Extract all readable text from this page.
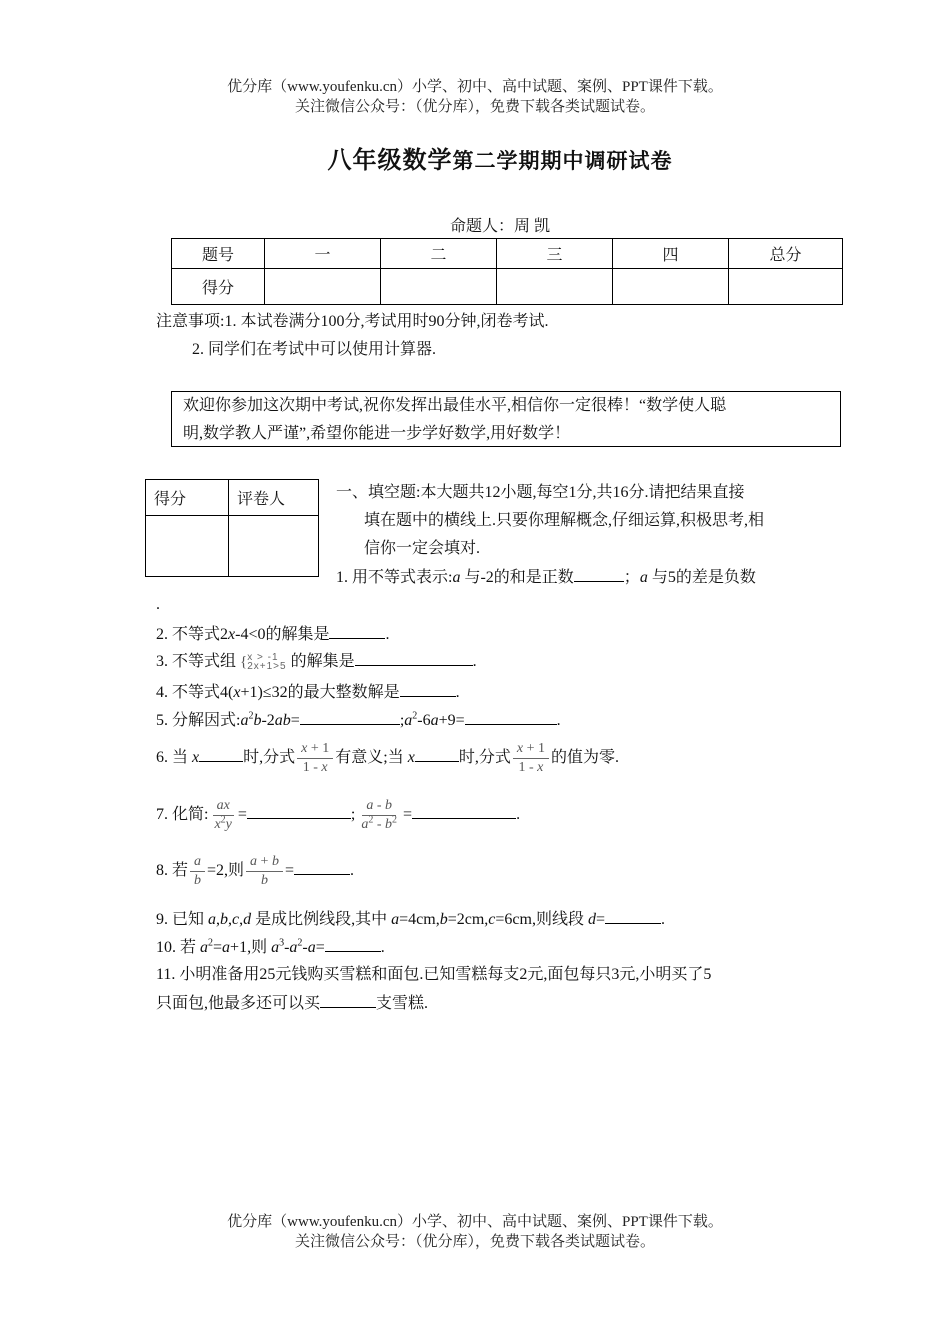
优分库（www.youfenku.cn）小学、初中、高中试题、案例、PPT课件下载。
关注微信公众号：（优分库），免费下载各类试题试卷。
八年级数学第二学期期中调研试卷
命题人：周 凯
题号	一	二	三	四	总分
得分					
注意事项:1. 本试卷满分100分,考试用时90分钟,闭卷考试.
2. 同学们在考试中可以使用计算器.
欢迎你参加这次期中考试,祝你发挥出最佳水平,相信你一定很棒！“数学使人聪
明,数学教人严谨”,希望你能进一步学好数学,用好数学！
得分	评卷人
		一、填空题:本大题共12小题,每空1分,共16分.请把结果直接
填在题中的横线上.只要你理解概念,仔细运算,积极思考,相
信你一定会填对.
1. 用不等式表示:a 与-2的和是正数	；a 与5的差是负数
.
2. 不等式2x-4<0的解集是	.
3. 不等式组 {x > -1
2x+1>5 的解集是	.
4. 不等式4(x+1)≤32的最大整数解是	.
5. 分解因式$:a^2b-2ab=$	$;a^2-6a+9=$	.
6. 当 x	时,分式 $\frac{x + 1}{1 - x}$ 有意义;当 x	时,分式 $\frac{x + 1}{1 - x}$ 的值为零.
7. 化简: $\frac{ax}{x^2y}$ =	; $\frac{a - b}{a^2 - b^2}$ =	.
8. 若 $\frac{a}{b} =2$,则 $\frac{a + b}{b}$ =	.
9. 已知 a,b,c,d 是成比例线段,其中 a=4cm,b=2cm,c=6cm,则线段 d=	.
10. 若 $a^2=a+1$,则 $a^3-a^2-a=$	.
11. 小明准备用25元钱购买雪糕和面包.已知雪糕每支2元,面包每只3元,小明买了5
只面包,他最多还可以买	支雪糕.
优分库（www.youfenku.cn）小学、初中、高中试题、案例、PPT课件下载。
关注微信公众号：（优分库），免费下载各类试题试卷。
